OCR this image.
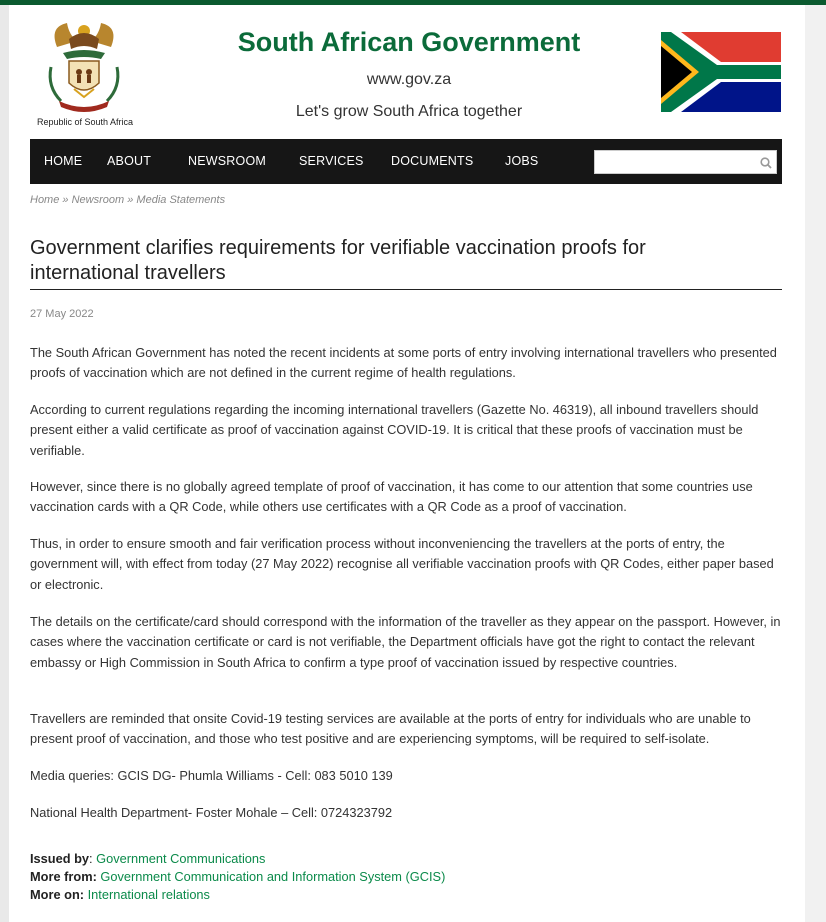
Republic of South Africa
South African Government
www.gov.za
Let's grow South Africa together
HOME ABOUT	NEWSROOM	SERVICES DOCUMENTS	JOBS
Home » Newsroom » Media Statements
Government clarifies requirements for verifiable vaccination proofs for international travellers
27 May 2022

The South African Government has noted the recent incidents at some ports of entry involving international travellers who presented proofs of vaccination which are not defined in the current regime of health regulations.

According to current regulations regarding the incoming international travellers (Gazette No. 46319), all inbound travellers should present either a valid certificate as proof of vaccination against COVID-19. It is critical that these proofs of vaccination must be verifiable.

However, since there is no globally agreed template of proof of vaccination, it has come to our attention that some countries use vaccination cards with a QR Code, while others use certificates with a QR Code as a proof of vaccination.

Thus, in order to ensure smooth and fair verification process without inconveniencing the travellers at the ports of entry, the government will, with effect from today (27 May 2022) recognise all verifiable vaccination proofs with QR Codes, either paper based or electronic.

The details on the certificate/card should correspond with the information of the traveller as they appear on the passport. However, in cases where the vaccination certificate or card is not verifiable, the Department officials have got the right to contact the relevant embassy or High Commission in South Africa to confirm a type proof of vaccination issued by respective countries.

Travellers are reminded that onsite Covid-19 testing services are available at the ports of entry for individuals who are unable to present proof of vaccination, and those who test positive and are experiencing symptoms, will be required to self-isolate.

Media queries: GCIS DG- Phumla Williams - Cell: 083 5010 139

National Health Department- Foster Mohale – Cell: 0724323792

Issued by: Government Communications
More from: Government Communication and Information System (GCIS)
More on: International relations
